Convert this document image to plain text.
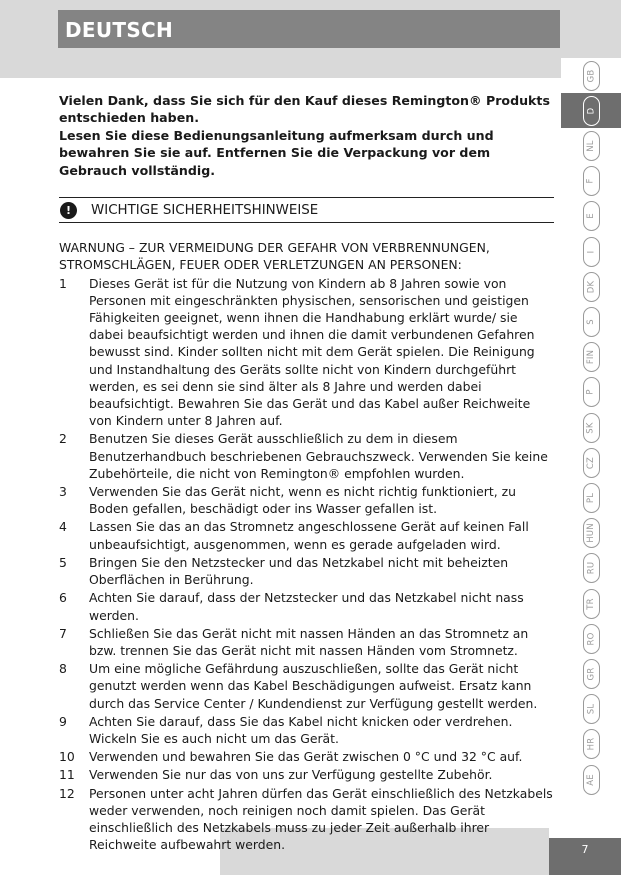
DEUTSCH
GB
D
NL
F
E
I
DK
S
FIN
P
SK
CZ
PL
HUN
RU
TR
RO
GR
SL
HR
AE
7

Vielen Dank, dass Sie sich für den Kauf dieses Remington® Produkts entschieden haben.

Lesen Sie diese Bedienungsanleitung aufmerksam durch und bewahren Sie sie auf. Entfernen Sie die Verpackung vor dem Gebrauch vollständig.

!	WICHTIGE SICHERHEITSHINWEISE

WARNUNG – ZUR VERMEIDUNG DER GEFAHR VON VERBRENNUNGEN, STROMSCHLÄGEN, FEUER ODER VERLETZUNGEN AN PERSONEN:

1	Dieses Gerät ist für die Nutzung von Kindern ab 8 Jahren sowie von Personen mit eingeschränkten physischen, sensorischen und geistigen Fähigkeiten geeignet, wenn ihnen die Handhabung erklärt wurde/ sie dabei beaufsichtigt werden und ihnen die damit verbundenen Gefahren bewusst sind. Kinder sollten nicht mit dem Gerät spielen. Die Reinigung und Instandhaltung des Geräts sollte nicht von Kindern durchgeführt werden, es sei denn sie sind älter als 8 Jahre und werden dabei beaufsichtigt. Bewahren Sie das Gerät und das Kabel außer Reichweite von Kindern unter 8 Jahren auf.
2	Benutzen Sie dieses Gerät ausschließlich zu dem in diesem Benutzerhandbuch beschriebenen Gebrauchszweck. Verwenden Sie keine Zubehörteile, die nicht von Remington® empfohlen wurden.
3	Verwenden Sie das Gerät nicht, wenn es nicht richtig funktioniert, zu Boden gefallen, beschädigt oder ins Wasser gefallen ist.
4	Lassen Sie das an das Stromnetz angeschlossene Gerät auf keinen Fall unbeaufsichtigt, ausgenommen, wenn es gerade aufgeladen wird.
5	Bringen Sie den Netzstecker und das Netzkabel nicht mit beheizten Oberflächen in Berührung.
6	Achten Sie darauf, dass der Netzstecker und das Netzkabel nicht nass werden.
7	Schließen Sie das Gerät nicht mit nassen Händen an das Stromnetz an bzw. trennen Sie das Gerät nicht mit nassen Händen vom Stromnetz.
8	Um eine mögliche Gefährdung auszuschließen, sollte das Gerät nicht genutzt werden wenn das Kabel Beschädigungen aufweist. Ersatz kann durch das Service Center / Kundendienst zur Verfügung gestellt werden.
9	Achten Sie darauf, dass Sie das Kabel nicht knicken oder verdrehen. Wickeln Sie es auch nicht um das Gerät.
10	Verwenden und bewahren Sie das Gerät zwischen 0 °C und 32 °C auf.
11	Verwenden Sie nur das von uns zur Verfügung gestellte Zubehör.
12	Personen unter acht Jahren dürfen das Gerät einschließlich des Netzkabels weder verwenden, noch reinigen noch damit spielen. Das Gerät einschließlich des Netzkabels muss zu jeder Zeit außerhalb ihrer Reichweite aufbewahrt werden.
